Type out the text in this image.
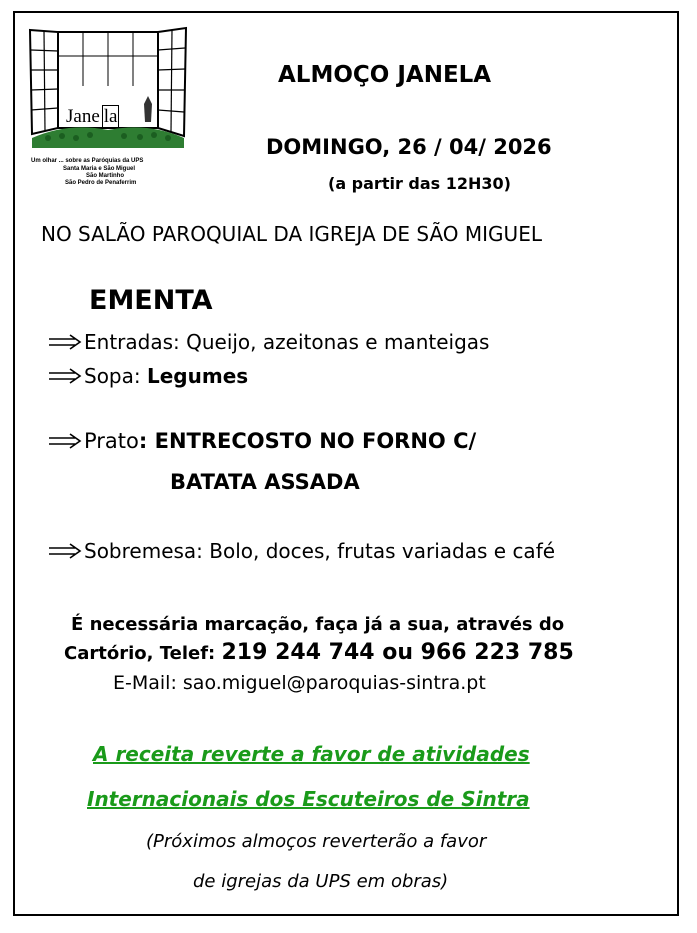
Jane la
Um olhar ... sobre as Paróquias da UPS
Santa Maria e São Miguel
São Martinho
São Pedro de Penaferrim
ALMOÇO JANELA
DOMINGO, 26 / 04/ 2026
(a partir das 12H30)
NO SALÃO PAROQUIAL DA IGREJA DE SÃO MIGUEL
EMENTA
Entradas: Queijo, azeitonas e manteigas
Sopa: Legumes
Prato: ENTRECOSTO NO FORNO C/
BATATA ASSADA
Sobremesa: Bolo, doces, frutas variadas e café
É necessária marcação, faça já a sua, através do
Cartório, Telef: 219 244 744 ou 966 223 785
E-Mail: sao.miguel@paroquias-sintra.pt
A receita reverte a favor de atividades
Internacionais dos Escuteiros de Sintra
(Próximos almoços reverterão a favor
de igrejas da UPS em obras)
